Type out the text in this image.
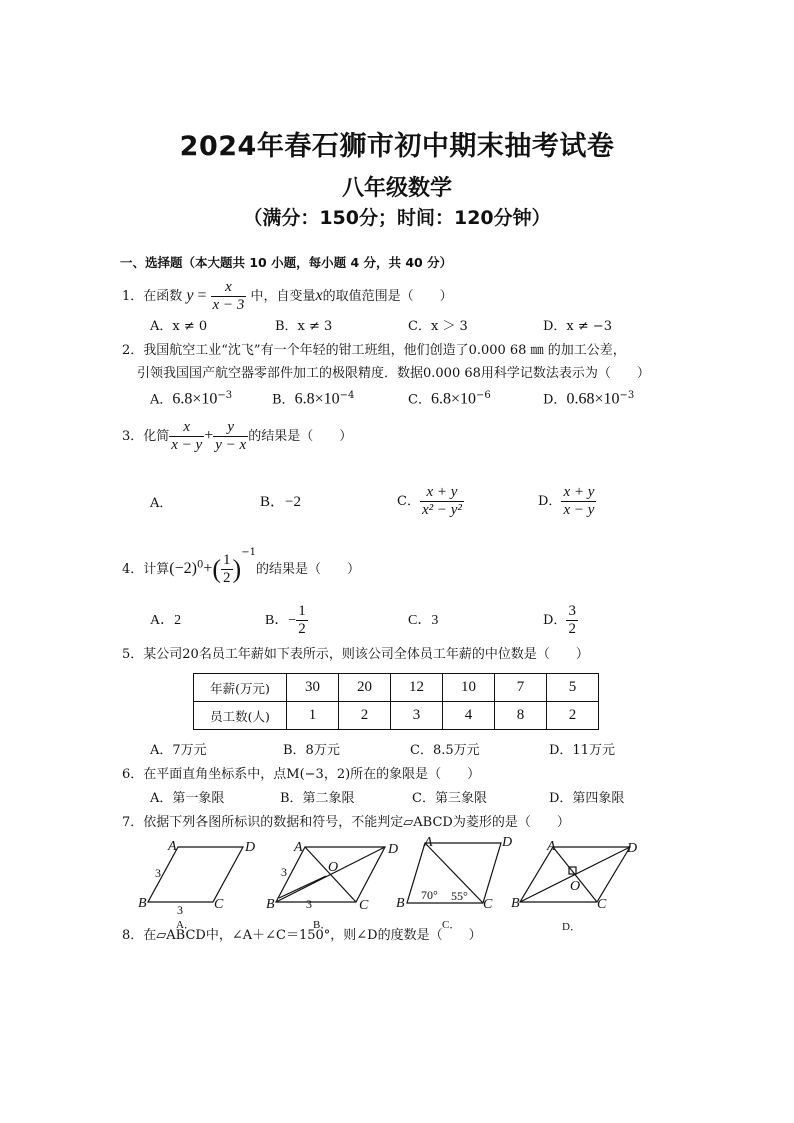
2024年春石狮市初中期末抽考试卷
八年级数学
（满分：150分；时间：120分钟）
一、选择题（本大题共 10 小题，每小题 4 分，共 40 分）
1．在函数 $y = \frac{x}{x - 3}$ 中，自变量x的取值范围是（　　）
A．x ≠ 0	B．x ≠ 3	C．x ＞ 3	D．x ≠ −3
2．我国航空工业“沈飞”有一个年轻的钳工班组，他们创造了0.000 68 ㎜ 的加工公差，
引领我国国产航空器零部件加工的极限精度．数据0.000 68用科学记数法表示为（　　）
A．$6.8\times 10^{-3}$	B．$6.8\times 10^{-4}$	C．$6.8\times 10^{-6}$	D．$0.68\times 10^{-3}$
3．化简 $\frac{x}{x - y} + \frac{y}{y - x}$ 的结果是（　　）
A．	B．−2	C． $\frac{x + y}{\text{x² − y²}}$	D． $\frac{x + y}{x - y}$
4．计算$(-2)^0+( \frac{1}{2} )^{-1}$的结果是（　　）
A．2	B．− $\frac{1}{2}$	C．3	D． $\frac{3}{2}$
5．某公司20名员工年薪如下表所示，则该公司全体员工年薪的中位数是（　　）
年薪(万元)	30	20	12	10	7	5
员工数(人)	1	2	3	4	8	2
A．7万元	B．8万元	C．8.5万元	D．11万元
6．在平面直角坐标系中，点M(−3，2)所在的象限是（　　）
A．第一象限	B．第二象限	C．第三象限	D．第四象限
7．依据下列各图所标识的数据和符号，不能判定▱ABCD为菱形的是（　　）
A	D
B	C
A	D
B	C
O
A	D
B	C
A	D
B	C
O
3
3
3
3
70° 55°
A．	B．	C．	D．
8．在▱ABCD中，∠A＋∠C＝150°，则∠D的度数是（　　）
